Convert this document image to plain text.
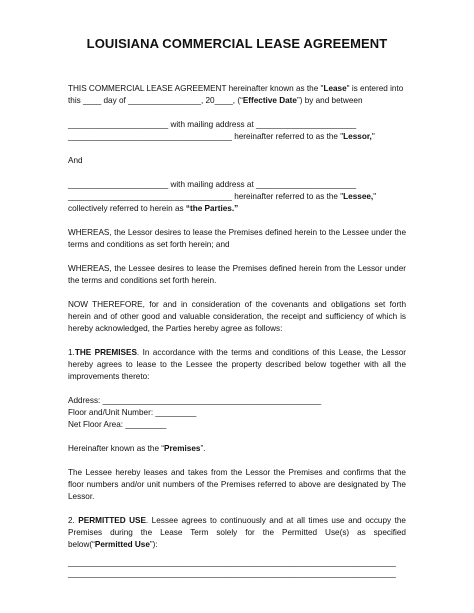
LOUISIANA COMMERCIAL LEASE AGREEMENT
THIS COMMERCIAL LEASE AGREEMENT hereinafter known as the "Lease" is entered into
this ____ day of ________________, 20____, (“Effective Date”) by and between
______________________ with mailing address at ______________________
____________________________________ hereinafter referred to as the "Lessor,"
And
______________________ with mailing address at ______________________
____________________________________ hereinafter referred to as the "Lessee,"
collectively referred to herein as “the Parties.”
WHEREAS, the Lessor desires to lease the Premises defined herein to the Lessee under the terms and conditions as set forth herein; and
WHEREAS, the Lessee desires to lease the Premises defined herein from the Lessor under the terms and conditions set forth herein.
NOW THEREFORE, for and in consideration of the covenants and obligations set forth herein and of other good and valuable consideration, the receipt and sufficiency of which is hereby acknowledged, the Parties hereby agree as follows:
1.THE PREMISES. In accordance with the terms and conditions of this Lease, the Lessor hereby agrees to lease to the Lessee the property described below together with all the improvements thereto:
Address: ________________________________________________
Floor and/Unit Number: _________
Net Floor Area: _________
Hereinafter known as the “Premises”.
The Lessee hereby leases and takes from the Lessor the Premises and confirms that the floor numbers and/or unit numbers of the Premises referred to above are designated by The Lessor.
2. PERMITTED USE. Lessee agrees to continuously and at all times use and occupy the Premises during the Lease Term solely for the Permitted Use(s) as specified below(“Permitted Use”):
________________________________________________________________________
________________________________________________________________________
